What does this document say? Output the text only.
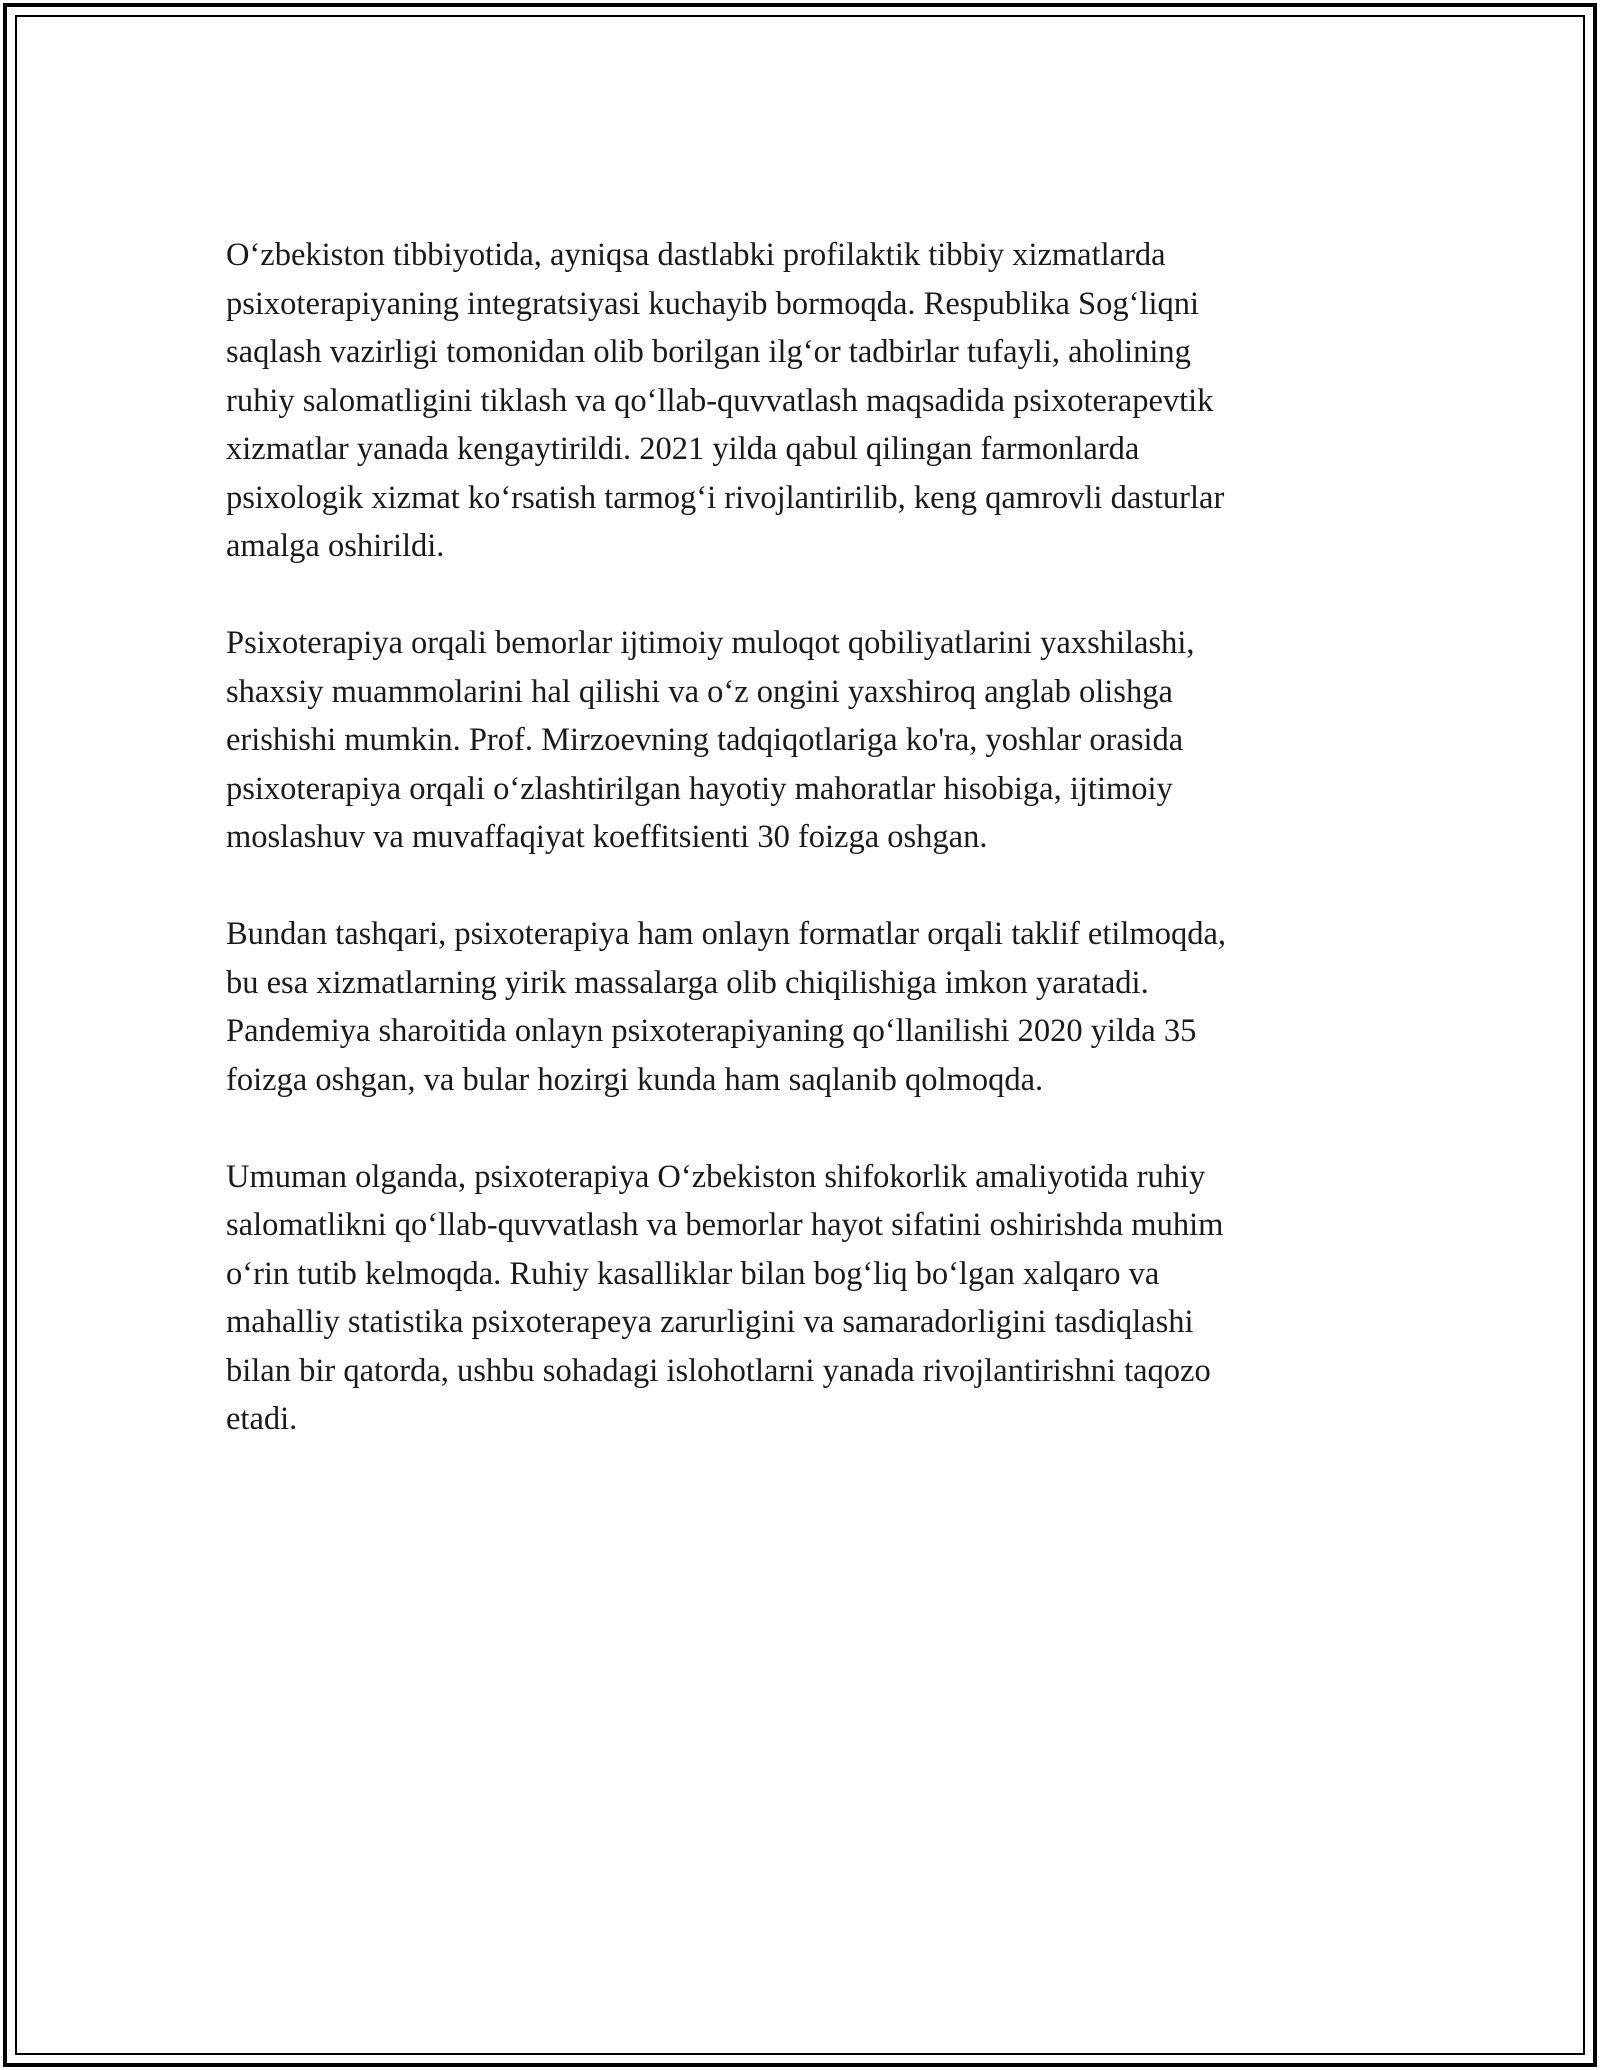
O‘zbekiston tibbiyotida, ayniqsa dastlabki profilaktik tibbiy xizmatlarda
psixoterapiyaning integratsiyasi kuchayib bormoqda. Respublika Sog‘liqni
saqlash vazirligi tomonidan olib borilgan ilg‘or tadbirlar tufayli, aholining
ruhiy salomatligini tiklash va qo‘llab-quvvatlash maqsadida psixoterapevtik
xizmatlar yanada kengaytirildi. 2021 yilda qabul qilingan farmonlarda
psixologik xizmat ko‘rsatish tarmog‘i rivojlantirilib, keng qamrovli dasturlar
amalga oshirildi.

Psixoterapiya orqali bemorlar ijtimoiy muloqot qobiliyatlarini yaxshilashi,
shaxsiy muammolarini hal qilishi va o‘z ongini yaxshiroq anglab olishga
erishishi mumkin. Prof. Mirzoevning tadqiqotlariga ko'ra, yoshlar orasida
psixoterapiya orqali o‘zlashtirilgan hayotiy mahoratlar hisobiga, ijtimoiy
moslashuv va muvaffaqiyat koeffitsienti 30 foizga oshgan.

Bundan tashqari, psixoterapiya ham onlayn formatlar orqali taklif etilmoqda,
bu esa xizmatlarning yirik massalarga olib chiqilishiga imkon yaratadi.
Pandemiya sharoitida onlayn psixoterapiyaning qo‘llanilishi 2020 yilda 35
foizga oshgan, va bular hozirgi kunda ham saqlanib qolmoqda.

Umuman olganda, psixoterapiya O‘zbekiston shifokorlik amaliyotida ruhiy
salomatlikni qo‘llab-quvvatlash va bemorlar hayot sifatini oshirishda muhim
o‘rin tutib kelmoqda. Ruhiy kasalliklar bilan bog‘liq bo‘lgan xalqaro va
mahalliy statistika psixoterapeya zarurligini va samaradorligini tasdiqlashi
bilan bir qatorda, ushbu sohadagi islohotlarni yanada rivojlantirishni taqozo
etadi.
